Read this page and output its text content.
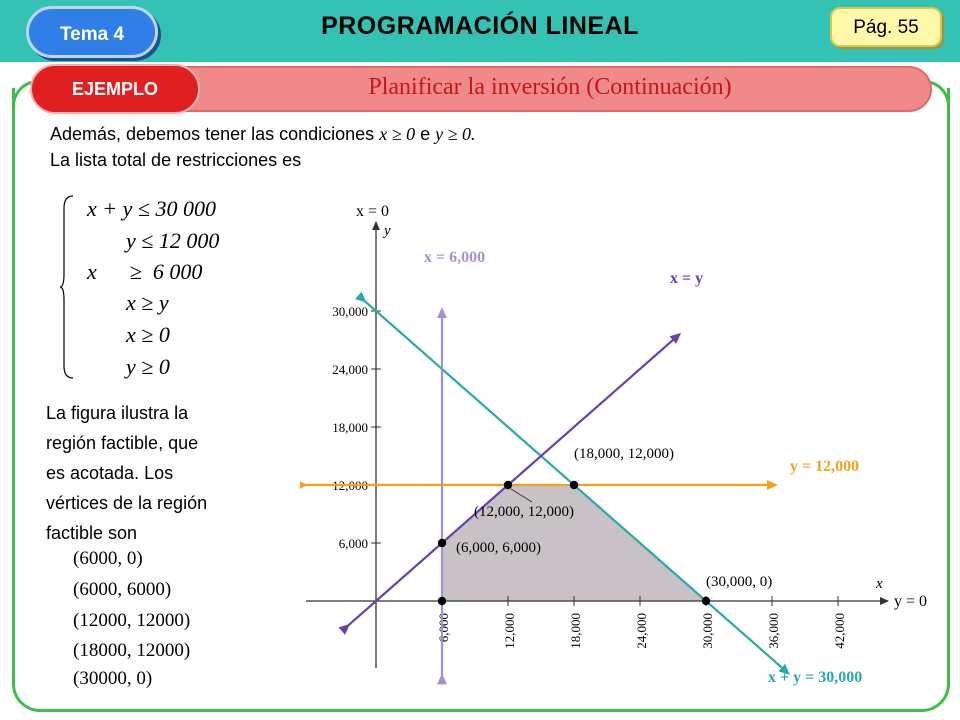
PROGRAMACIÓN LINEAL
Tema 4	Pág. 55
Planificar la inversión (Continuación)
EJEMPLO
Además, debemos tener las condiciones x ≥ 0 e y ≥ 0.
La lista total de restricciones es
x + y ≤ 30 000
y ≤ 12 000
x      ≥  6 000
x ≥ y
x ≥ 0
y ≥ 0
La figura ilustra la
región factible, que
es acotada. Los
vértices de la región
factible son
(6000, 0)
(6000, 6000)
(12000, 12000)
(18000, 12000)
(30000, 0)
6,000	12,000	18,000	24,000	30,000	36,000	42,000
6,000
12,000
18,000
24,000
30,000
x = 0
y
x
y = 0
x + y = 30,000
x = y
x = 6,000
y = 12,000
(6,000, 6,000)
(12,000, 12,000)
(18,000, 12,000)
(30,000, 0)
